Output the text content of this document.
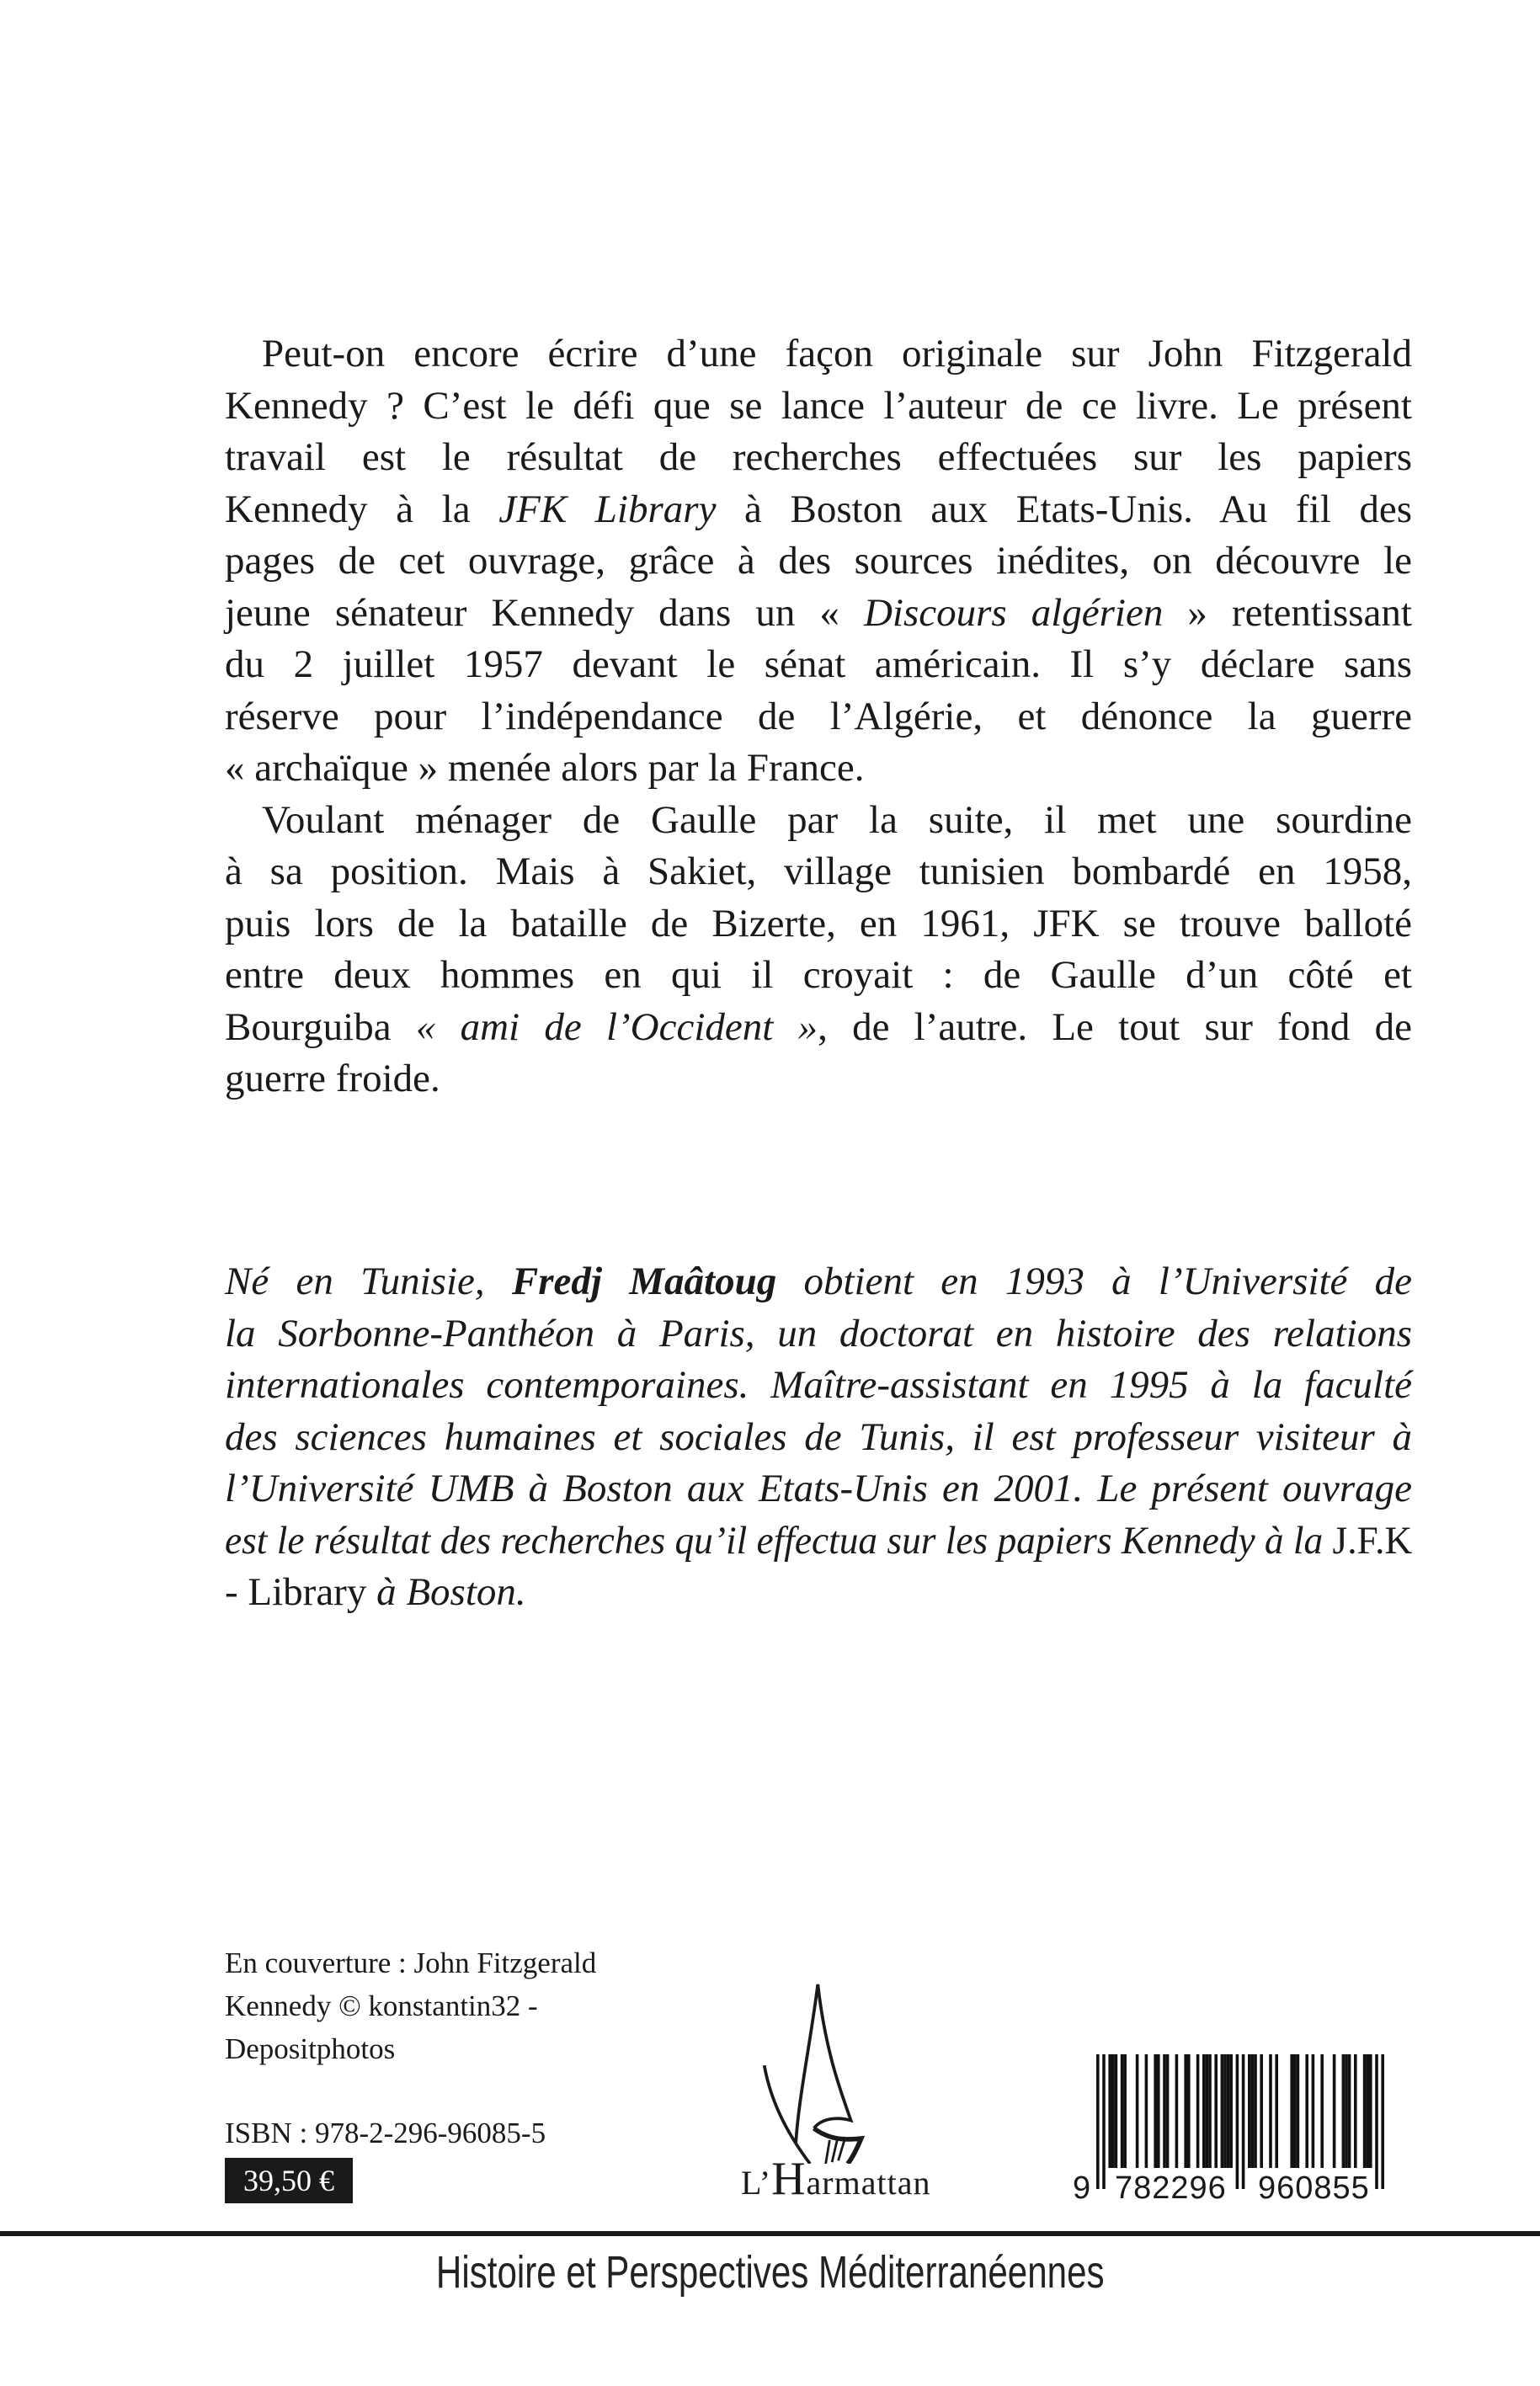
Peut-on encore écrire d’une façon originale sur John Fitzgerald
Kennedy ? C’est le défi que se lance l’auteur de ce livre. Le présent
travail est le résultat de recherches effectuées sur les papiers
Kennedy à la JFK Library à Boston aux Etats-Unis. Au fil des
pages de cet ouvrage, grâce à des sources inédites, on découvre le
jeune sénateur Kennedy dans un « Discours algérien » retentissant
du 2 juillet 1957 devant le sénat américain. Il s’y déclare sans
réserve pour l’indépendance de l’Algérie, et dénonce la guerre
« archaïque » menée alors par la France.
Voulant ménager de Gaulle par la suite, il met une sourdine
à sa position. Mais à Sakiet, village tunisien bombardé en 1958,
puis lors de la bataille de Bizerte, en 1961, JFK se trouve balloté
entre deux hommes en qui il croyait : de Gaulle d’un côté et
Bourguiba « ami de l’Occident », de l’autre. Le tout sur fond de
guerre froide.
Né en Tunisie, Fredj Maâtoug obtient en 1993 à l’Université de
la Sorbonne-Panthéon à Paris, un doctorat en histoire des relations
internationales contemporaines. Maître-assistant en 1995 à la faculté
des sciences humaines et sociales de Tunis, il est professeur visiteur à
l’Université UMB à Boston aux Etats-Unis en 2001. Le présent ouvrage
est le résultat des recherches qu’il effectua sur les papiers Kennedy à la J.F.K
- Library à Boston.
En couverture : John Fitzgerald
Kennedy © konstantin32 -
Depositphotos
ISBN : 978-2-296-96085-5
39,50 €	L’Harmattan	9 782296 960855
Histoire et Perspectives Méditerranéennes
